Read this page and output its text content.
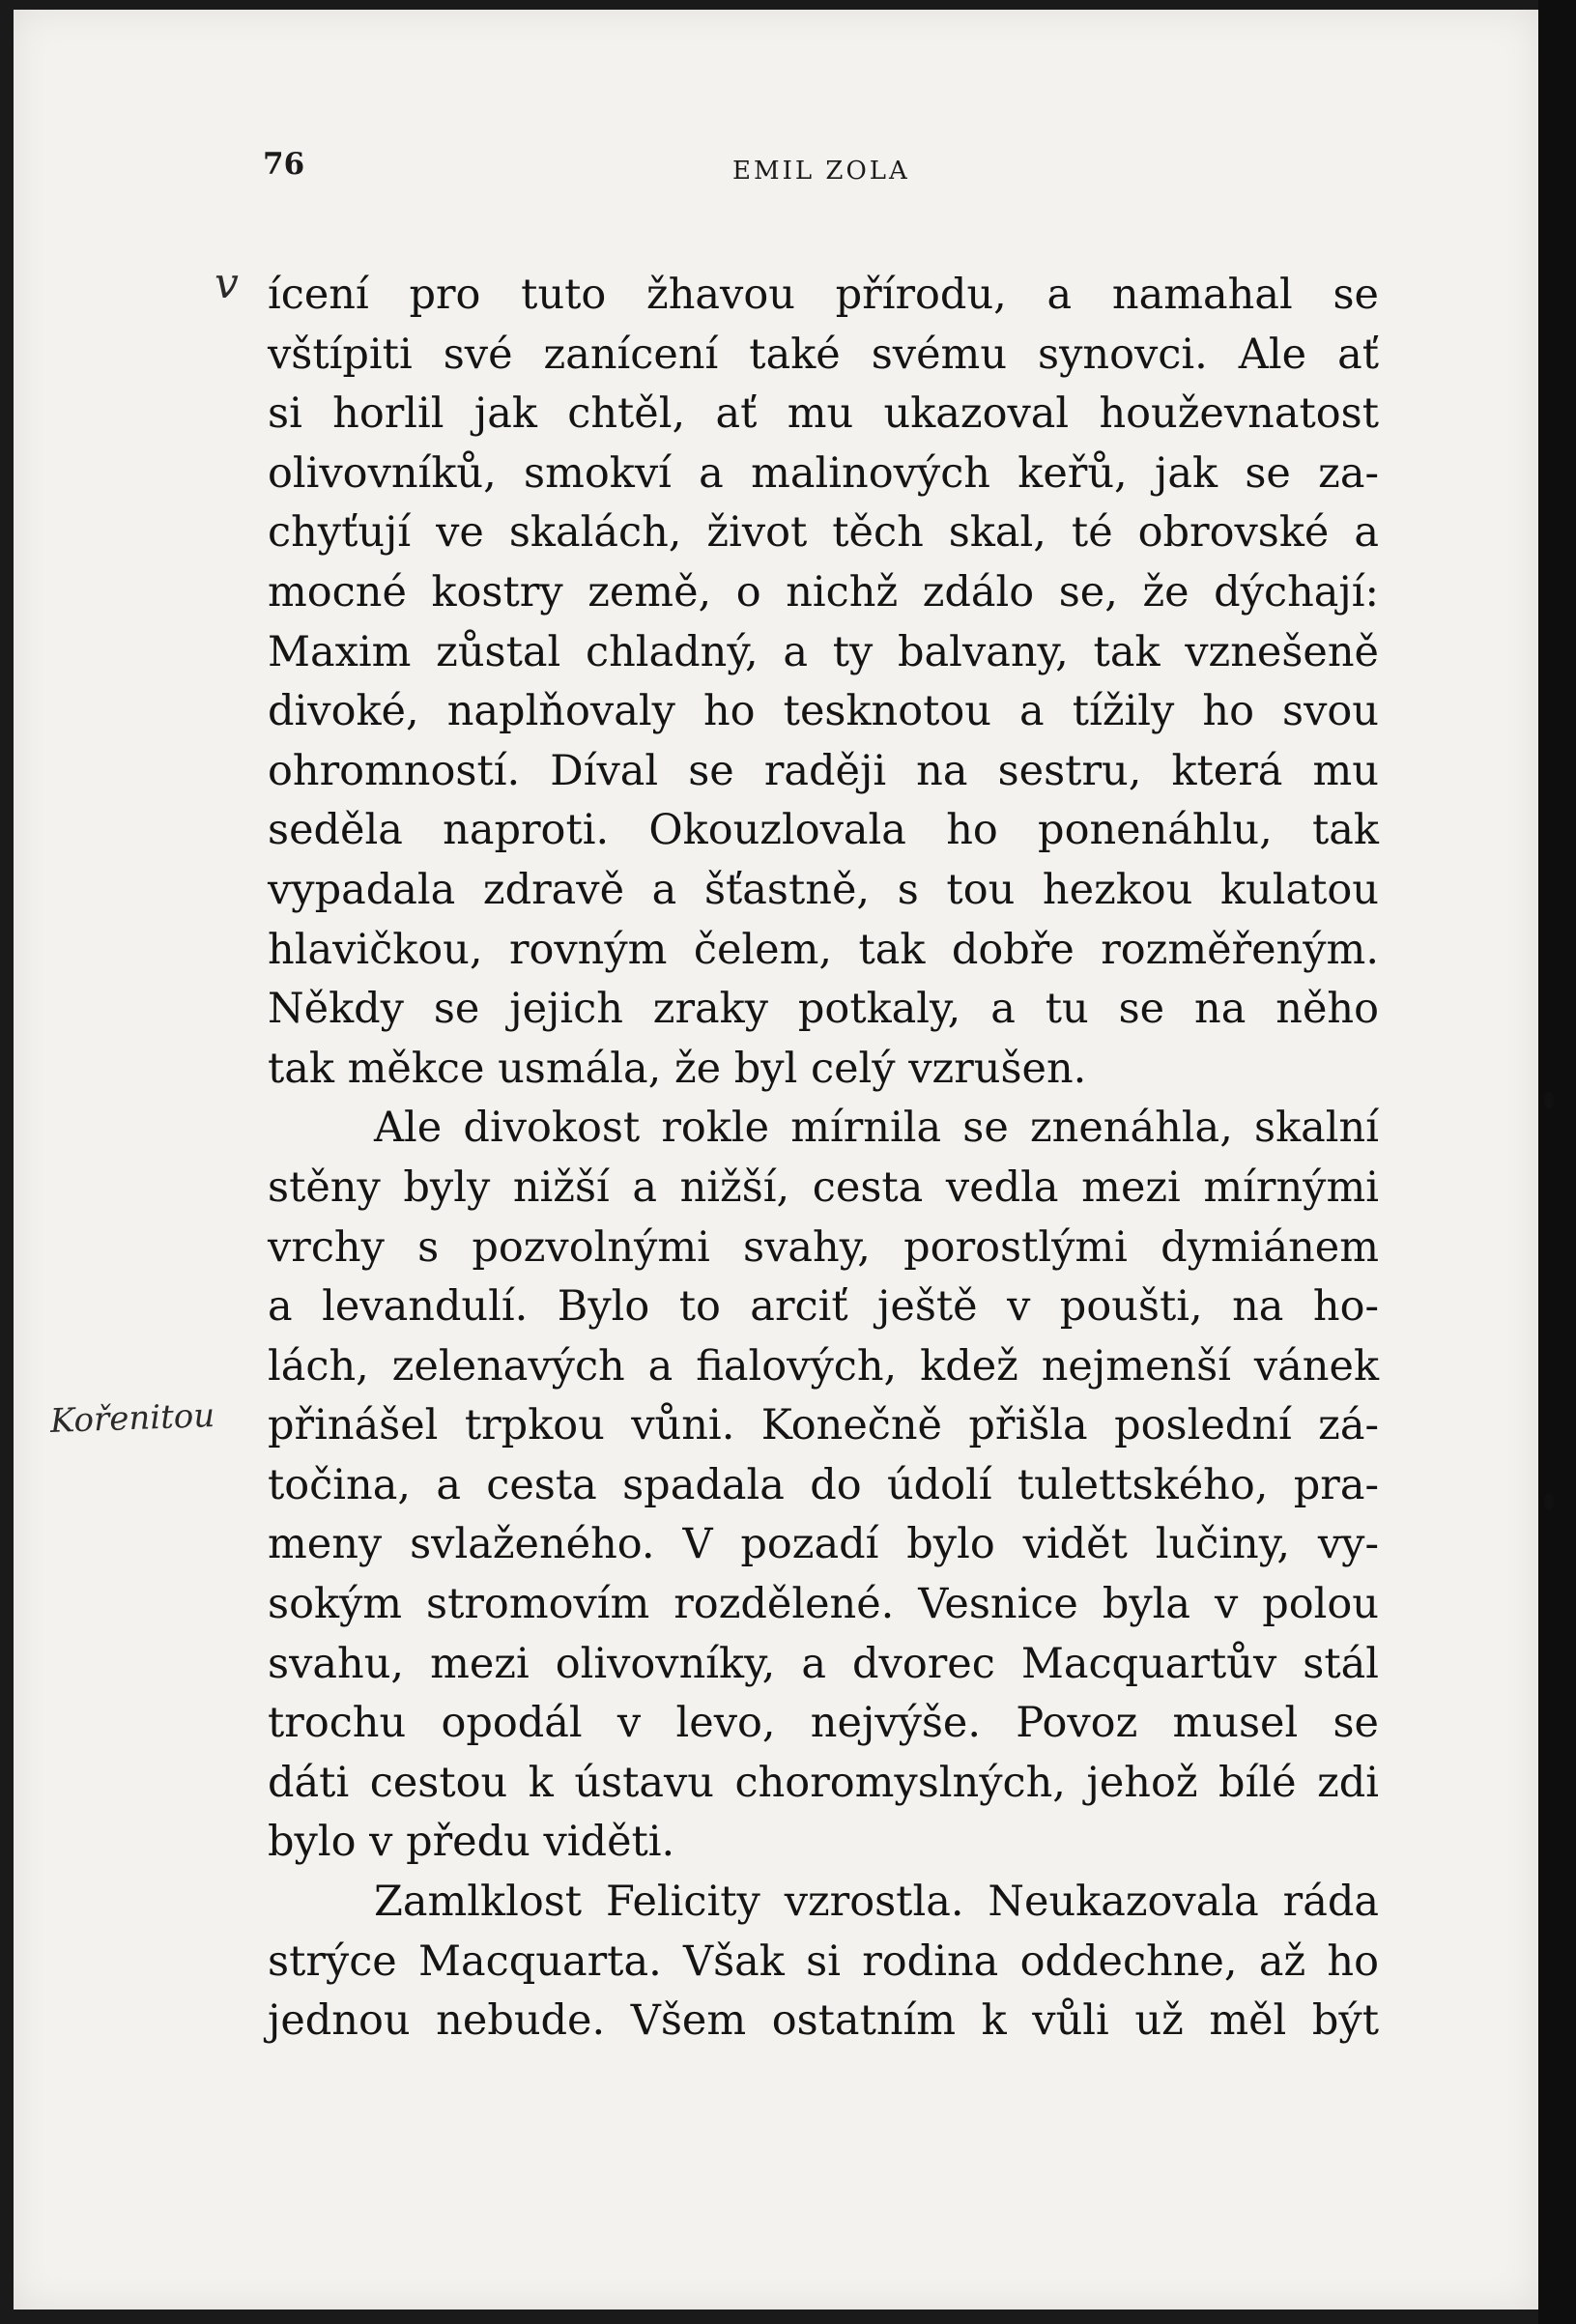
76	EMIL ZOLA
v
Kořenitou
ícení pro tuto žhavou přírodu, a namahal se
vštípiti své zanícení také svému synovci. Ale ať
si horlil jak chtěl, ať mu ukazoval houževnatost
olivovníků, smokví a malinových keřů, jak se za-
chyťují ve skalách, život těch skal, té obrovské a
mocné kostry země, o nichž zdálo se, že dýchají:
Maxim zůstal chladný, a ty balvany, tak vznešeně
divoké, naplňovaly ho tesknotou a tížily ho svou
ohromností. Díval se raději na sestru, která mu
seděla naproti. Okouzlovala ho ponenáhlu, tak
vypadala zdravě a šťastně, s tou hezkou kulatou
hlavičkou, rovným čelem, tak dobře rozměřeným.
Někdy se jejich zraky potkaly, a tu se na něho
tak měkce usmála, že byl celý vzrušen.
Ale divokost rokle mírnila se znenáhla, skalní
stěny byly nižší a nižší, cesta vedla mezi mírnými
vrchy s pozvolnými svahy, porostlými dymiánem
a levandulí. Bylo to arciť ještě v poušti, na ho-
lách, zelenavých a fialových, kdež nejmenší vánek
přinášel trpkou vůni. Konečně přišla poslední zá-
točina, a cesta spadala do údolí tulettského, pra-
meny svlaženého. V pozadí bylo vidět lučiny, vy-
sokým stromovím rozdělené. Vesnice byla v polou
svahu, mezi olivovníky, a dvorec Macquartův stál
trochu opodál v levo, nejvýše. Povoz musel se
dáti cestou k ústavu choromyslných, jehož bílé zdi
bylo v předu viděti.
Zamlklost Felicity vzrostla. Neukazovala ráda
strýce Macquarta. Však si rodina oddechne, až ho
jednou nebude. Všem ostatním k vůli už měl být
